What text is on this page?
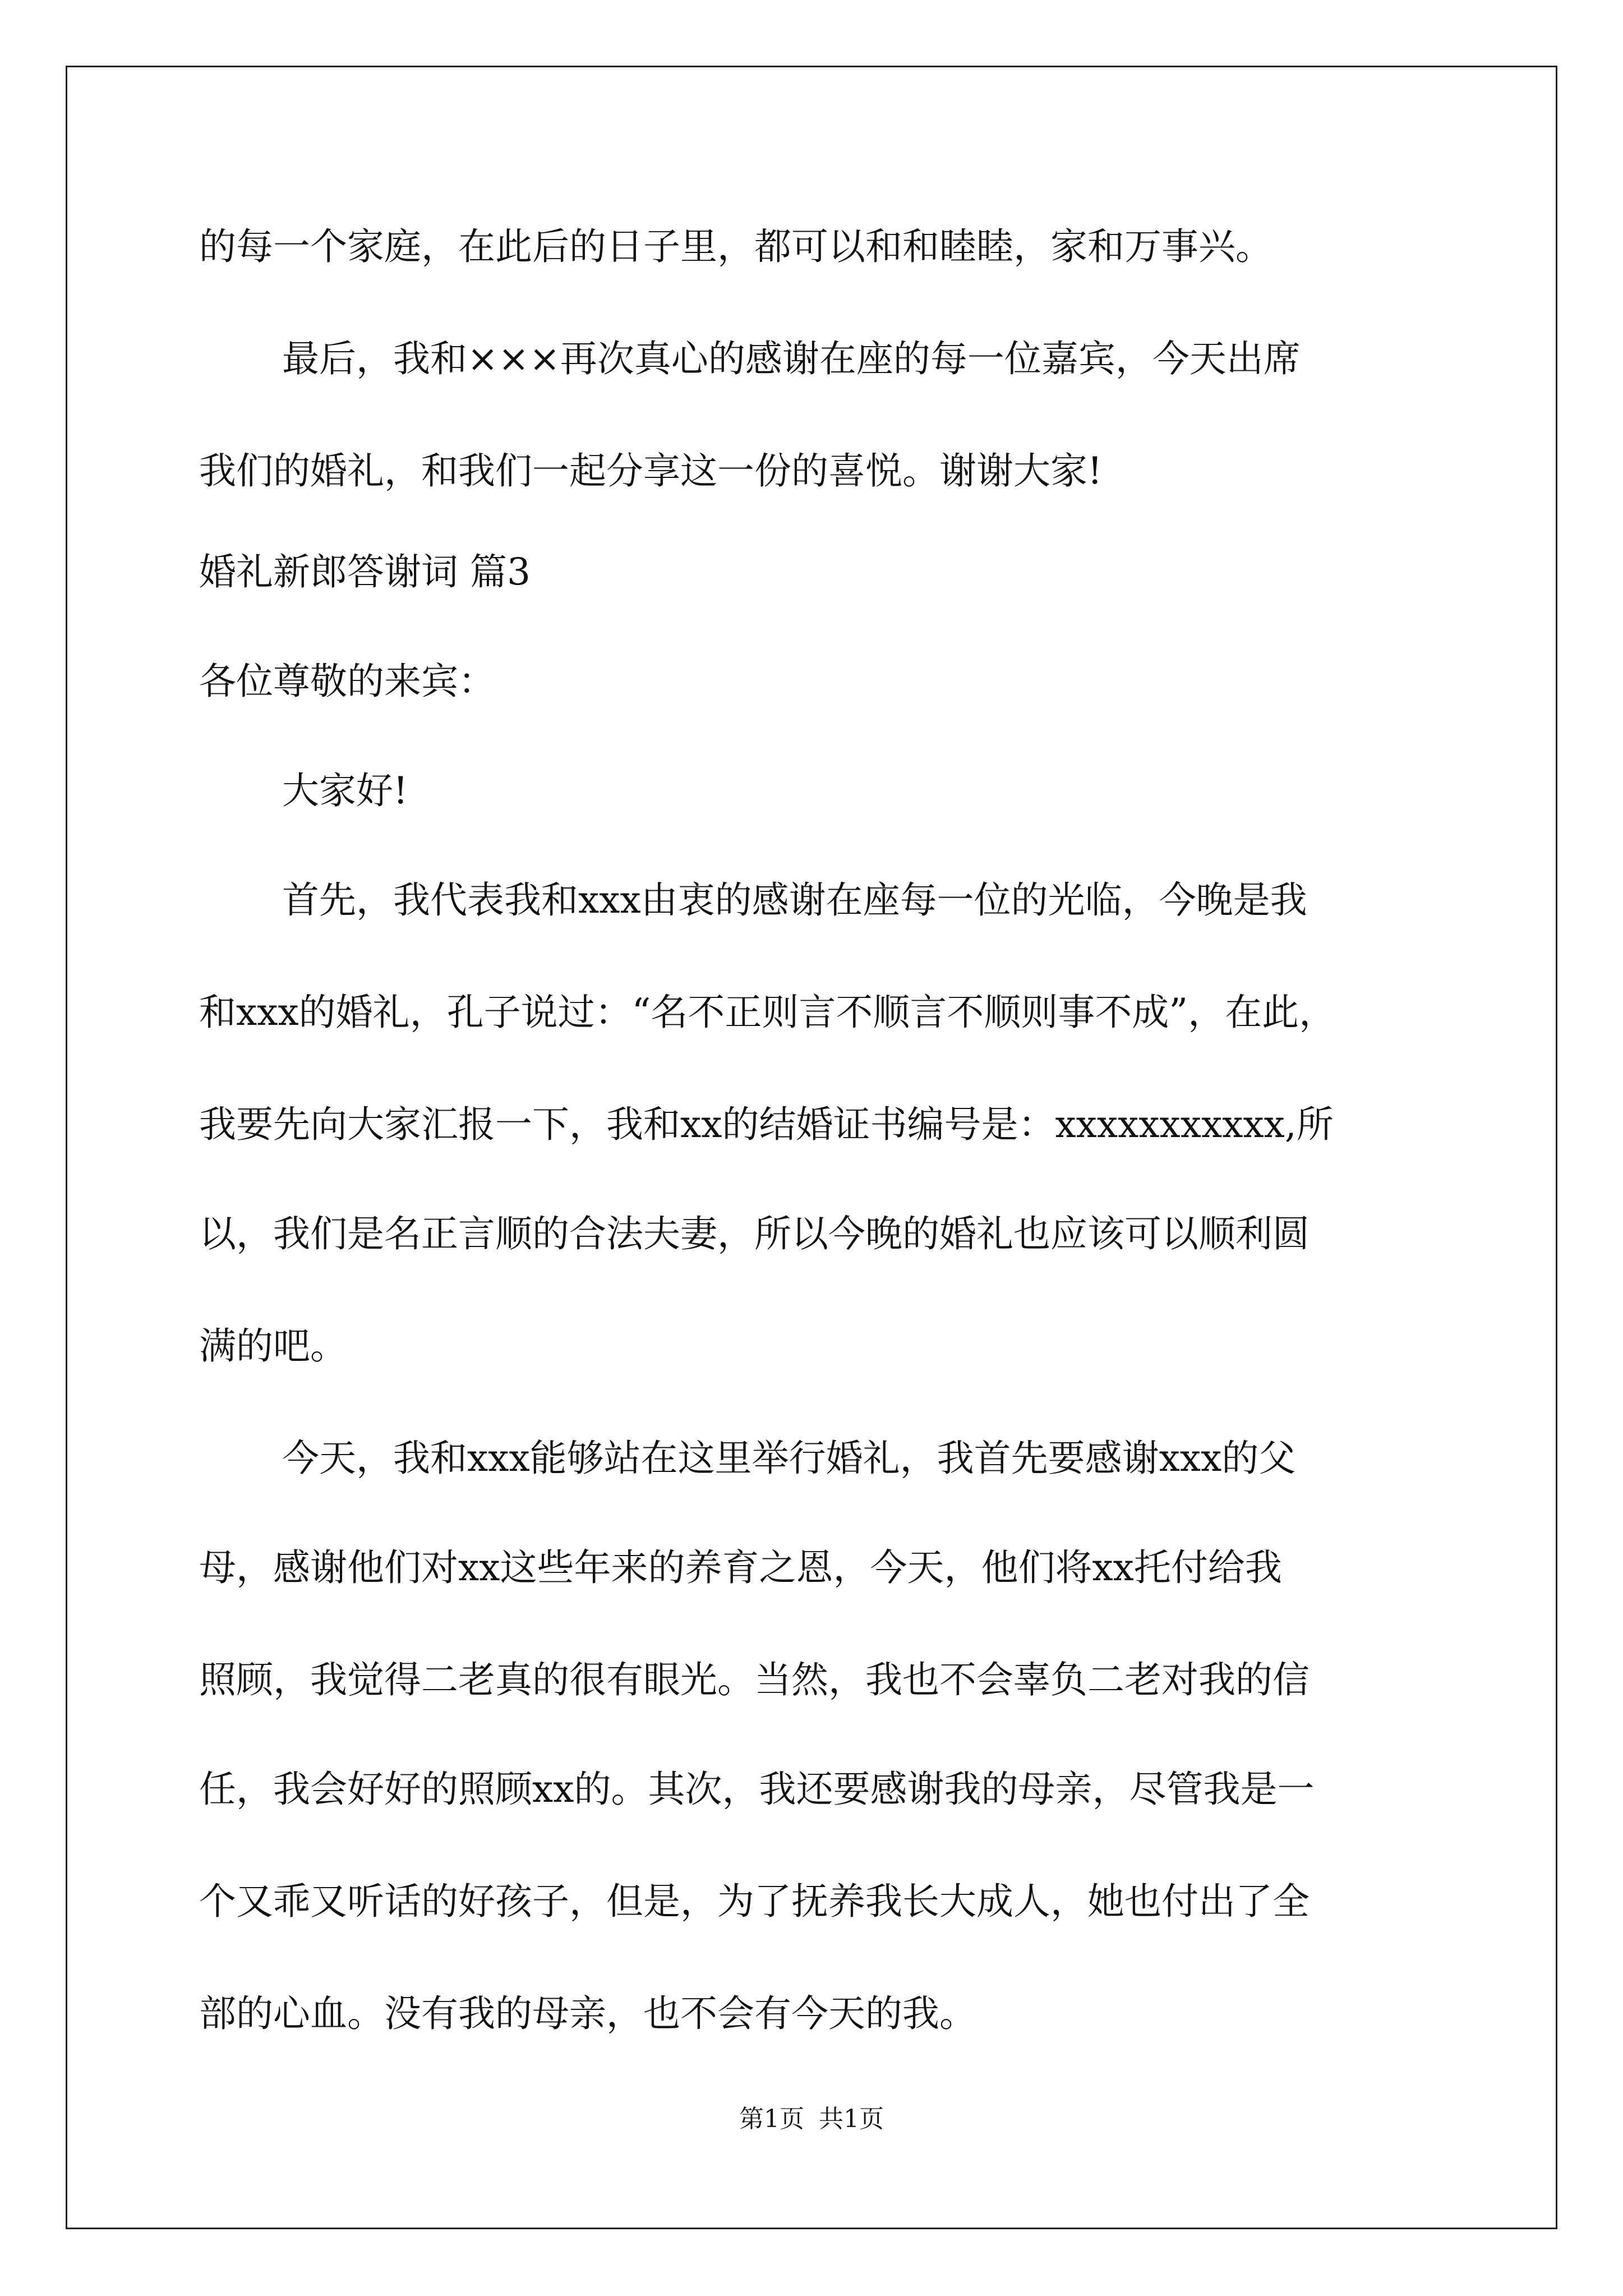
的每一个家庭，在此后的日子里，都可以和和睦睦，家和万事兴。
最后，我和×××再次真心的感谢在座的每一位嘉宾，今天出席
我们的婚礼，和我们一起分享这一份的喜悦。谢谢大家!
婚礼新郎答谢词 篇3
各位尊敬的来宾：
大家好!
首先，我代表我和xxx由衷的感谢在座每一位的光临，今晚是我
和xxx的婚礼，孔子说过：“名不正则言不顺言不顺则事不成”，在此，
我要先向大家汇报一下，我和xx的结婚证书编号是：xxxxxxxxxxx,所
以，我们是名正言顺的合法夫妻，所以今晚的婚礼也应该可以顺利圆
满的吧。
今天，我和xxx能够站在这里举行婚礼，我首先要感谢xxx的父
母，感谢他们对xx这些年来的养育之恩，今天，他们将xx托付给我
照顾，我觉得二老真的很有眼光。当然，我也不会辜负二老对我的信
任，我会好好的照顾xx的。其次，我还要感谢我的母亲，尽管我是一
个又乖又听话的好孩子，但是，为了抚养我长大成人，她也付出了全
部的心血。没有我的母亲，也不会有今天的我。
第1页 共1页
